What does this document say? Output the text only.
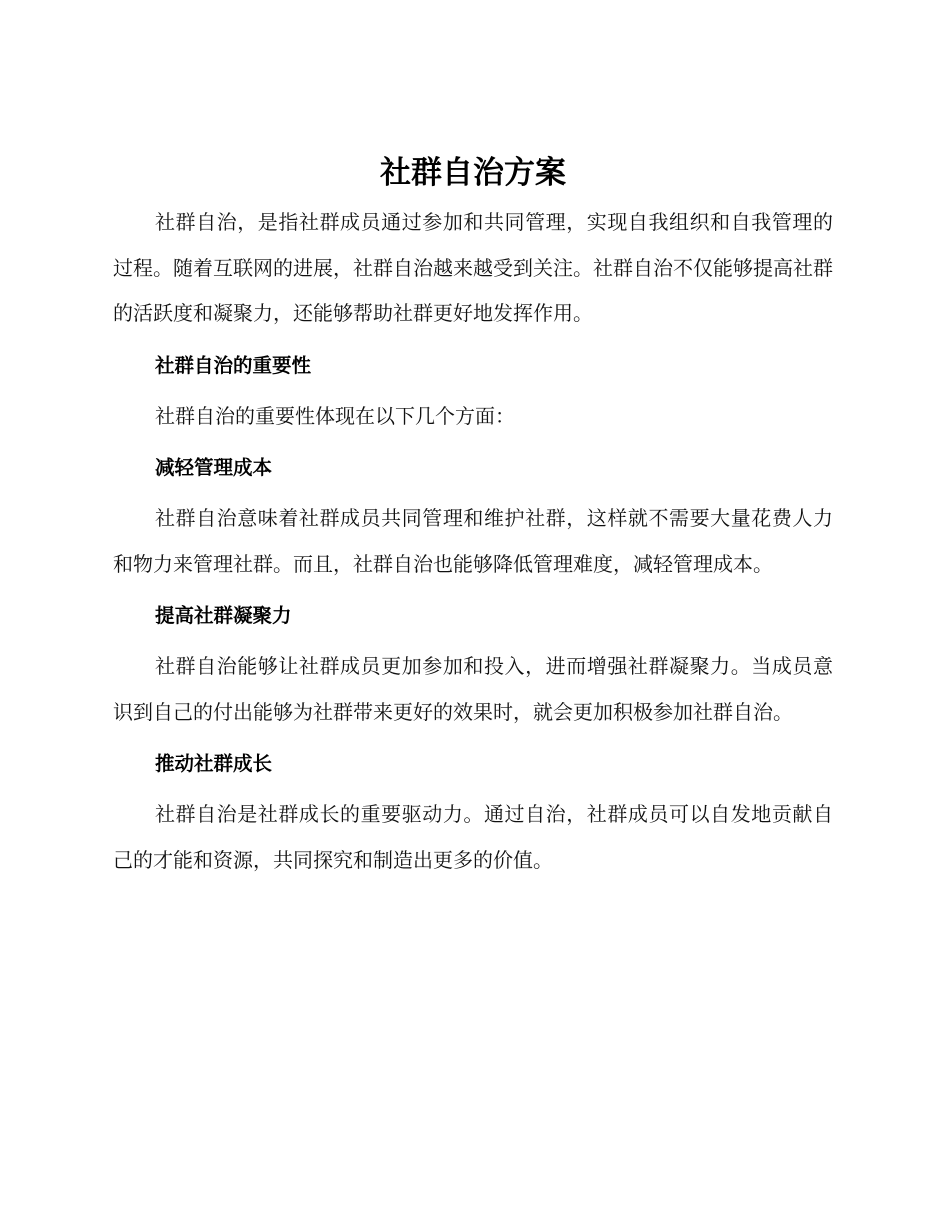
社群自治方案

社群自治，是指社群成员通过参加和共同管理，实现自我组织和自我管理的过程。随着互联网的进展，社群自治越来越受到关注。社群自治不仅能够提高社群的活跃度和凝聚力，还能够帮助社群更好地发挥作用。

社群自治的重要性

社群自治的重要性体现在以下几个方面：

减轻管理成本

社群自治意味着社群成员共同管理和维护社群，这样就不需要大量花费人力和物力来管理社群。而且，社群自治也能够降低管理难度，减轻管理成本。

提高社群凝聚力

社群自治能够让社群成员更加参加和投入，进而增强社群凝聚力。当成员意识到自己的付出能够为社群带来更好的效果时，就会更加积极参加社群自治。

推动社群成长

社群自治是社群成长的重要驱动力。通过自治，社群成员可以自发地贡献自己的才能和资源，共同探究和制造出更多的价值。
